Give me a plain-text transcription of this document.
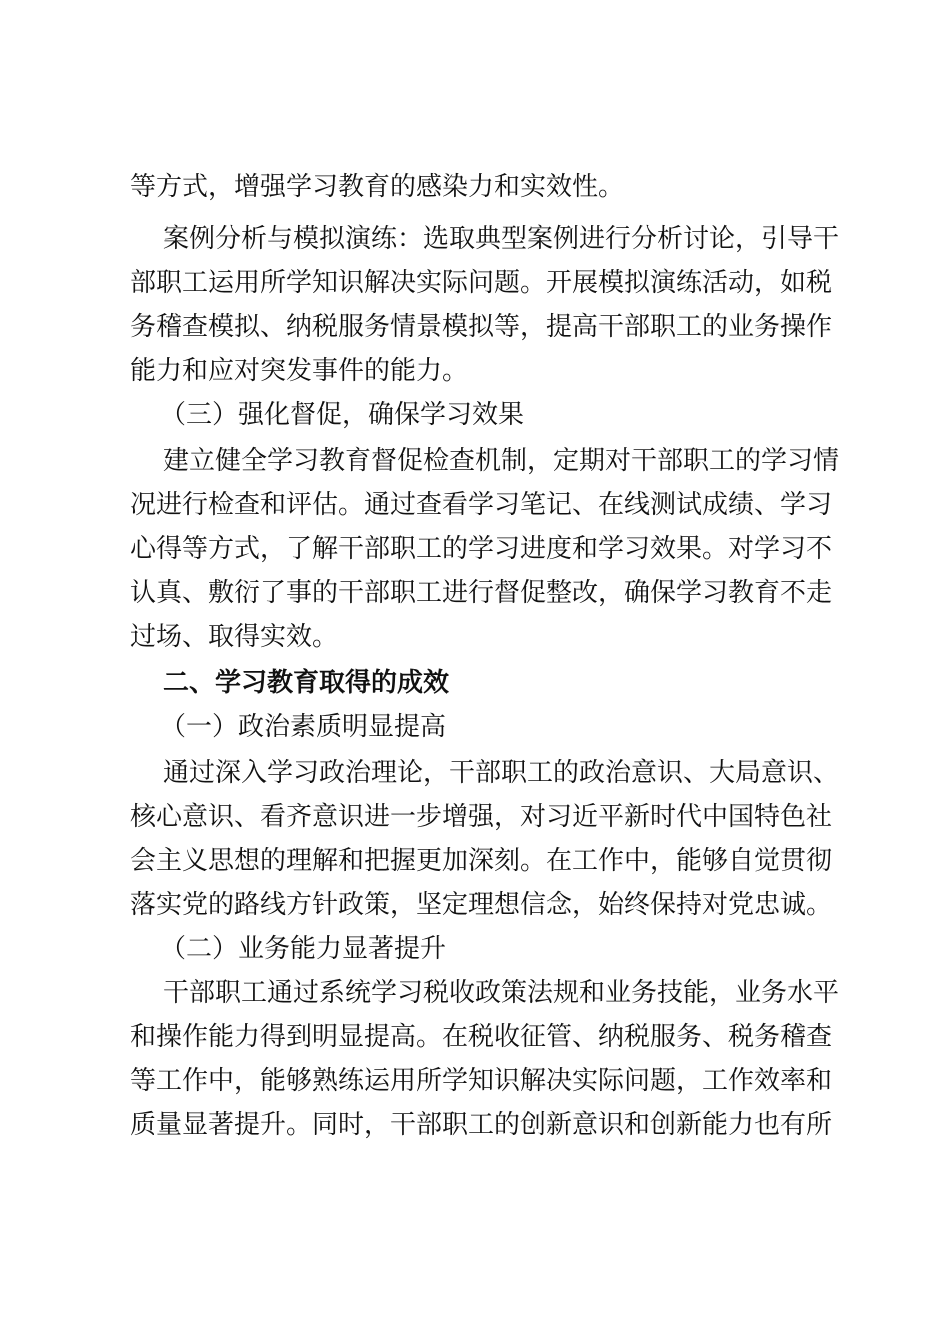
等方式，增强学习教育的感染力和实效性。
案例分析与模拟演练：选取典型案例进行分析讨论，引导干
部职工运用所学知识解决实际问题。开展模拟演练活动，如税
务稽查模拟、纳税服务情景模拟等，提高干部职工的业务操作
能力和应对突发事件的能力。
（三）强化督促，确保学习效果
建立健全学习教育督促检查机制，定期对干部职工的学习情
况进行检查和评估。通过查看学习笔记、在线测试成绩、学习
心得等方式，了解干部职工的学习进度和学习效果。对学习不
认真、敷衍了事的干部职工进行督促整改，确保学习教育不走
过场、取得实效。
二、学习教育取得的成效
（一）政治素质明显提高
通过深入学习政治理论，干部职工的政治意识、大局意识、
核心意识、看齐意识进一步增强，对习近平新时代中国特色社
会主义思想的理解和把握更加深刻。在工作中，能够自觉贯彻
落实党的路线方针政策，坚定理想信念，始终保持对党忠诚。
（二）业务能力显著提升
干部职工通过系统学习税收政策法规和业务技能，业务水平
和操作能力得到明显提高。在税收征管、纳税服务、税务稽查
等工作中，能够熟练运用所学知识解决实际问题，工作效率和
质量显著提升。同时，干部职工的创新意识和创新能力也有所
